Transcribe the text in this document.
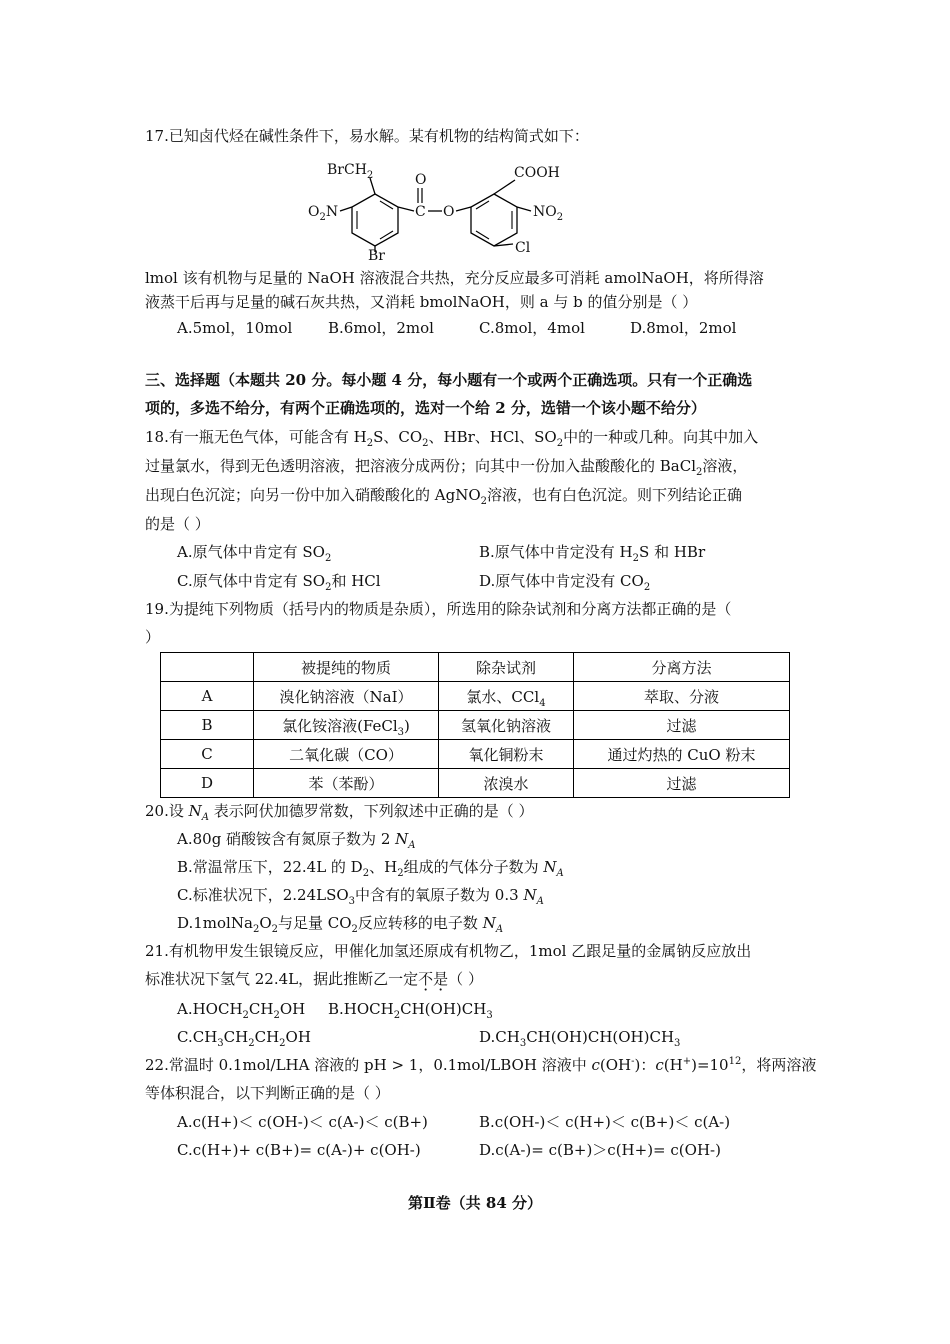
17.已知卤代烃在碱性条件下，易水解。某有机物的结构简式如下：
BrCH$_2$
$O_2N$
Br
O
C O
COOH
$NO_2$
Cl
lmol 该有机物与足量的 NaOH 溶液混合共热，充分反应最多可消耗 amolNaOH，将所得溶
液蒸干后再与足量的碱石灰共热，又消耗 bmolNaOH，则 a 与 b 的值分别是（ ）
A.5mol，10mol B.6mol，2mol	C.8mol，4mol	D.8mol，2mol
三、选择题（本题共 20 分。每小题 4 分，每小题有一个或两个正确选项。只有一个正确选
项的，多选不给分，有两个正确选项的，选对一个给 2 分，选错一个该小题不给分）
18.有一瓶无色气体，可能含有 $H_2S$、$CO_2$、HBr、HCl、$SO_2$中的一种或几种。向其中加入
过量氯水，得到无色透明溶液，把溶液分成两份；向其中一份加入盐酸酸化的 BaCl$_2$溶液，
出现白色沉淀；向另一份中加入硝酸酸化的 AgNO$_2$溶液，也有白色沉淀。则下列结论正确
的是（ ）
A.原气体中肯定有 $SO_2$	B.原气体中肯定没有 $H_2S$ 和 HBr
C.原气体中肯定有 $SO_2$和 HCl	D.原气体中肯定没有 $CO_2$
19.为提纯下列物质（括号内的物质是杂质），所选用的除杂试剂和分离方法都正确的是（
）
	被提纯的物质	除杂试剂	分离方法
A	溴化钠溶液（NaI）	氯水、CCl$_4$	萃取、分液
B	氯化铵溶液(FeCl$_3$)	氢氧化钠溶液	过滤
C	二氧化碳（CO）	氧化铜粉末	通过灼热的 CuO 粉末
D	苯（苯酚）	浓溴水	过滤
20.设 $N_A$ 表示阿伏加德罗常数，下列叙述中正确的是（ ）
A.80g 硝酸铵含有氮原子数为 2 $N_A$
B.常温常压下，22.4L 的 $D_2$、$H_2$组成的气体分子数为 $N_A$
C.标准状况下，$2.24LSO_3$中含有的氧原子数为 0.3 $N_A$
$D.1molNa_2O_2$与足量 $CO_2$反应转移的电子数 $N_A$
21.有机物甲发生银镜反应，甲催化加氢还原成有机物乙，1mol 乙跟足量的金属钠反应放出
标准状况下氢气 22.4L，据此推断乙一定不是（ ）
$A.HOCH_2CH_2OH$ $B.HOCH_2CH(OH)CH_3$
$C.CH_3CH_2CH_2OH$	$D.CH_3CH(OH)CH(OH)CH_3$
22.常温时 0.1mol/LHA 溶液的 pH > 1，0.1mol/LBOH 溶液中 c(OH-)：$c(H^+)=10^{12}$，将两溶液
等体积混合，以下判断正确的是（ ）
A.c(H+)＜ c(OH-)＜ c(A-)＜ c(B+)	B.c(OH-)＜ c(H+)＜ c(B+)＜ c(A-)
C.c(H+)+ c(B+)= c(A-)+ c(OH-)	D.c(A-)= c(B+)＞c(H+)= c(OH-)
第Ⅱ卷（共 84 分）
